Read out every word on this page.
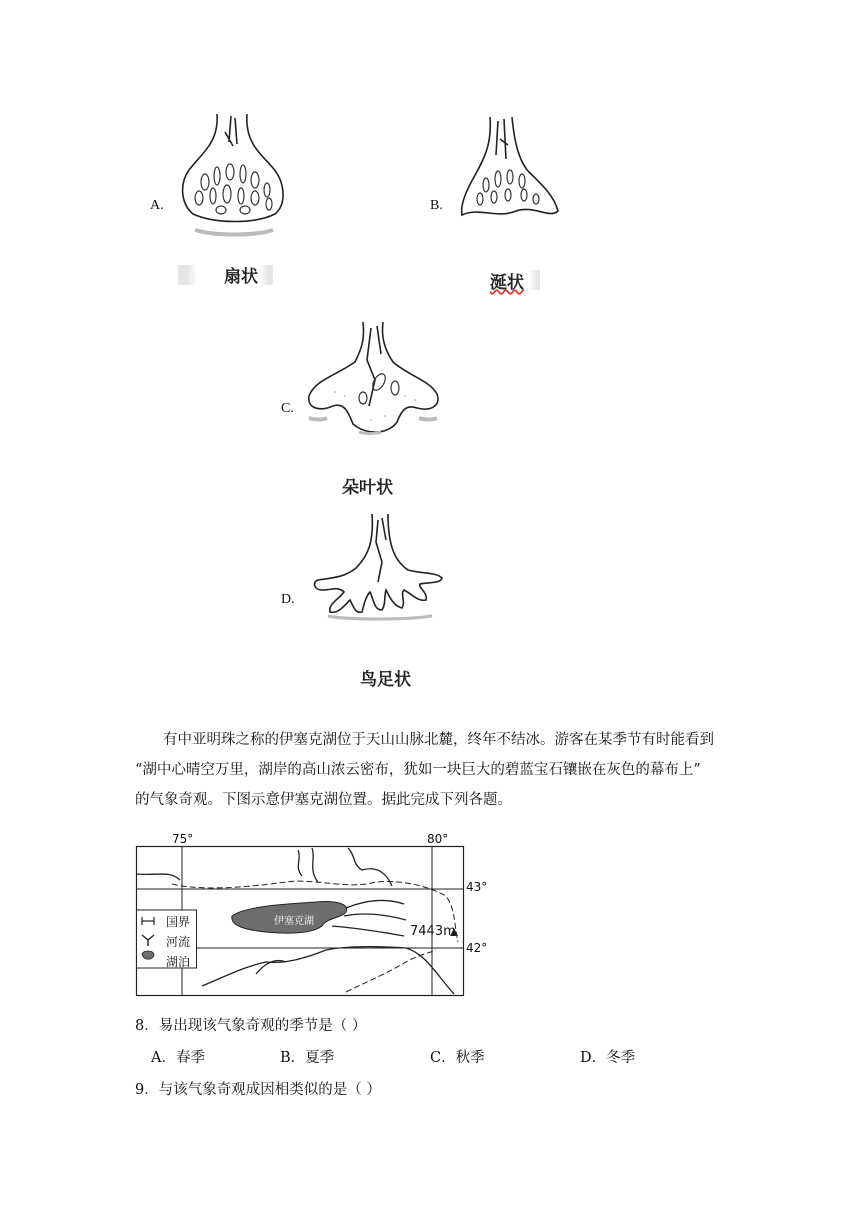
A.
扇状
B.
涎状
C.
朵叶状
D.
鸟足状
有中亚明珠之称的伊塞克湖位于天山山脉北麓，终年不结冰。游客在某季节有时能看到
“湖中心晴空万里，湖岸的高山浓云密布，犹如一块巨大的碧蓝宝石镶嵌在灰色的幕布上”
的气象奇观。下图示意伊塞克湖位置。据此完成下列各题。
75°	80°
43°
42°
伊塞克湖
7443m
国界
河流
湖泊
8．易出现该气象奇观的季节是（ ）
A．春季	B．夏季	C．秋季	D．冬季
9．与该气象奇观成因相类似的是（ ）
